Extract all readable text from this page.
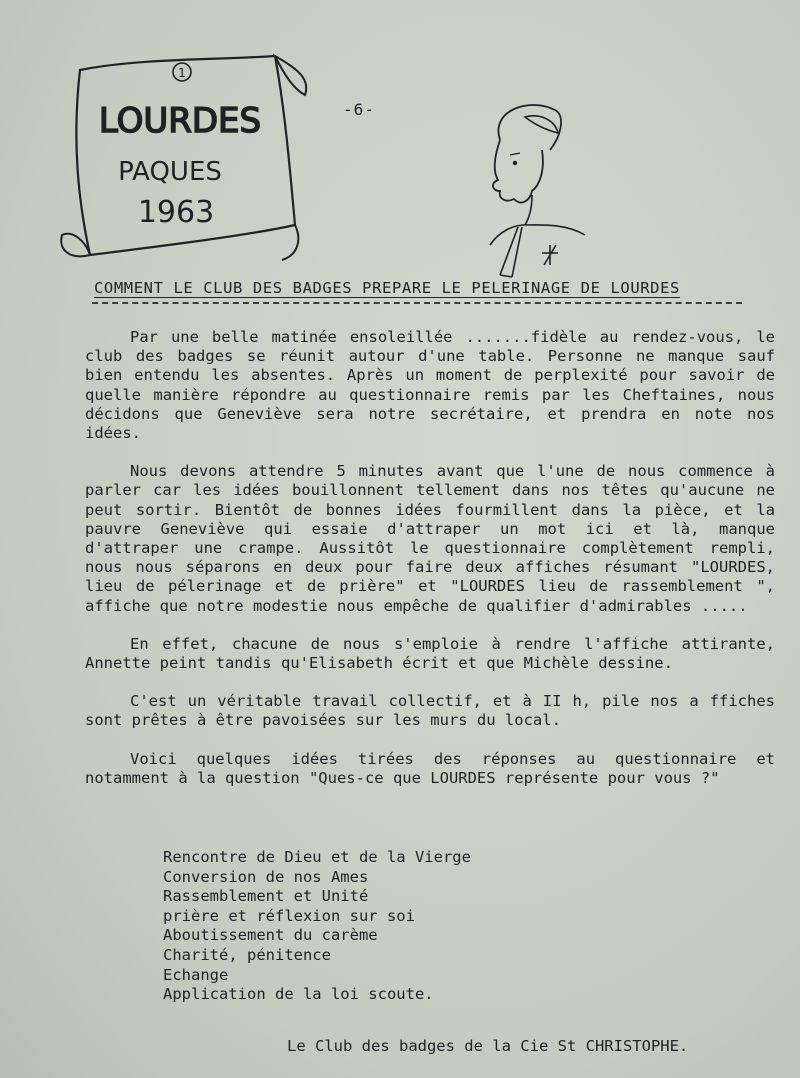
1
LOURDES
PAQUES
1963
-6-
COMMENT LE CLUB DES BADGES PREPARE LE PELERINAGE DE LOURDES

Par une belle matinée ensoleillée .......fidèle au rendez-vous, le club des badges se réunit autour d'une table. Personne ne manque sauf bien entendu les absentes. Après un moment de perplexité pour savoir de quelle manière répondre au questionnaire remis par les Cheftaines, nous décidons que Geneviève sera notre secrétaire, et prendra en note nos idées.

Nous devons attendre 5 minutes avant que l'une de nous commence à parler car les idées bouillonnent tellement dans nos têtes qu'aucune ne peut sortir. Bientôt de bonnes idées fourmillent dans la pièce, et la pauvre Geneviève qui essaie d'attraper un mot ici et là, manque d'attraper une crampe. Aussitôt le questionnaire complètement rempli, nous nous séparons en deux pour faire deux affiches résumant "LOURDES, lieu de pélerinage et de prière" et "LOURDES lieu de rassemblement ", affiche que notre modestie nous empêche de qualifier d'admirables .....

En effet, chacune de nous s'emploie à rendre l'affiche attirante, Annette peint tandis qu'Elisabeth écrit et que Michèle dessine.

C'est un véritable travail collectif, et à II h, pile nos a ffiches sont prêtes à être pavoisées sur les murs du local.

Voici quelques idées tirées des réponses au questionnaire et notamment à la question "Ques-ce que LOURDES représente pour vous ?"

Rencontre de Dieu et de la Vierge
Conversion de nos Ames
Rassemblement et Unité
prière et réflexion sur soi
Aboutissement du carème
Charité, pénitence
Echange
Application de la loi scoute.
Le Club des badges de la Cie St CHRISTOPHE.
